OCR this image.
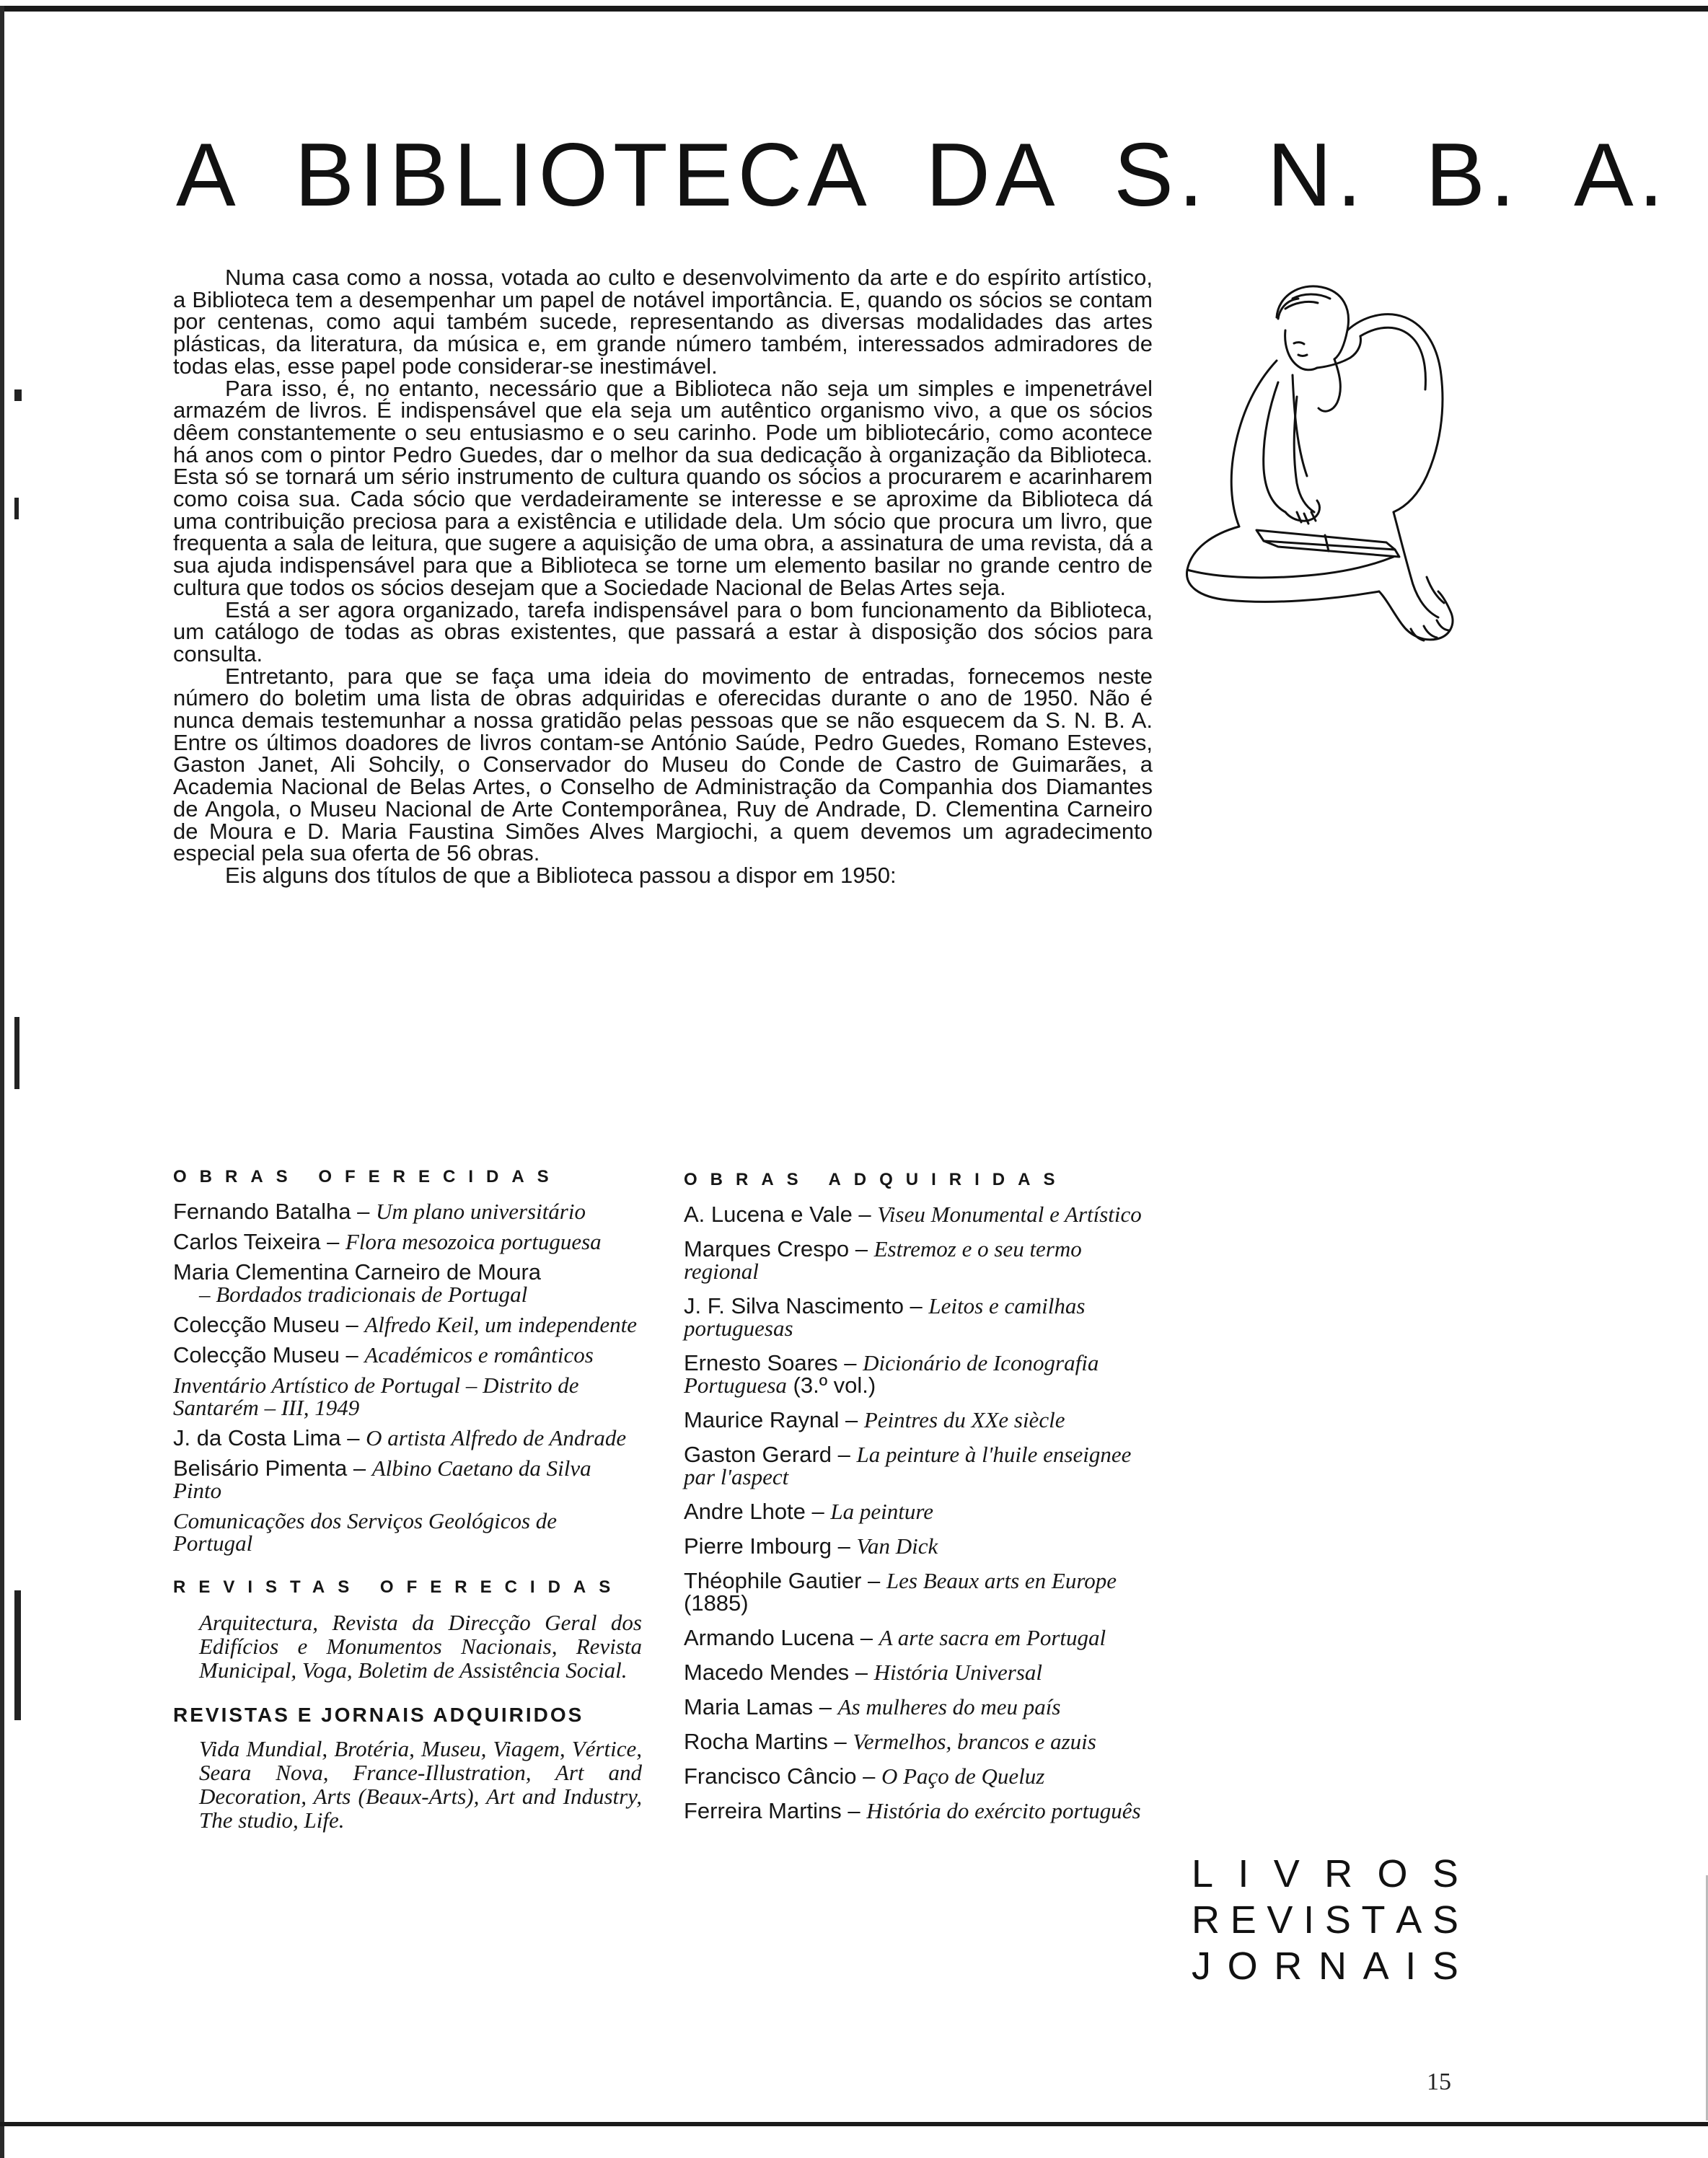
A BIBLIOTECA DA S. N. B. A.

Numa casa como a nossa, votada ao culto e desenvolvimento da arte e do espírito artístico, a Biblioteca tem a desempenhar um papel de notável importância. E, quando os sócios se contam por centenas, como aqui também sucede, representando as diversas modalidades das artes plásticas, da literatura, da música e, em grande número também, interessados admiradores de todas elas, esse papel pode considerar-se inestimável.

Para isso, é, no entanto, necessário que a Biblioteca não seja um simples e impenetrável armazém de livros. É indispensável que ela seja um autêntico organismo vivo, a que os sócios dêem constantemente o seu entusiasmo e o seu carinho. Pode um bibliotecário, como acontece há anos com o pintor Pedro Guedes, dar o melhor da sua dedicação à organização da Biblioteca. Esta só se tornará um sério instrumento de cultura quando os sócios a procurarem e acarinharem como coisa sua. Cada sócio que verdadeiramente se interesse e se aproxime da Biblioteca dá uma contribuição preciosa para a existência e utilidade dela. Um sócio que procura um livro, que frequenta a sala de leitura, que sugere a aquisição de uma obra, a assinatura de uma revista, dá a sua ajuda indispensável para que a Biblioteca se torne um elemento basilar no grande centro de cultura que todos os sócios desejam que a Sociedade Nacional de Belas Artes seja.

Está a ser agora organizado, tarefa indispensável para o bom funcionamento da Biblioteca, um catálogo de todas as obras existentes, que passará a estar à disposição dos sócios para consulta.

Entretanto, para que se faça uma ideia do movimento de entradas, fornecemos neste número do boletim uma lista de obras adquiridas e oferecidas durante o ano de 1950. Não é nunca demais testemunhar a nossa gratidão pelas pessoas que se não esquecem da S. N. B. A. Entre os últimos doadores de livros contam-se António Saúde, Pedro Guedes, Romano Esteves, Gaston Janet, Ali Sohcily, o Conservador do Museu do Conde de Castro de Guimarães, a Academia Nacional de Belas Artes, o Conselho de Administração da Companhia dos Diamantes de Angola, o Museu Nacional de Arte Contemporânea, Ruy de Andrade, D. Clementina Carneiro de Moura e D. Maria Faustina Simões Alves Margiochi, a quem devemos um agradecimento especial pela sua oferta de 56 obras.

Eis alguns dos títulos de que a Biblioteca passou a dispor em 1950:

OBRAS OFERECIDAS
Fernando Batalha – Um plano universitário
Carlos Teixeira – Flora mesozoica portuguesa
Maria Clementina Carneiro de Moura
– Bordados tradicionais de Portugal
Colecção Museu – Alfredo Keil, um independente
Colecção Museu – Académicos e românticos
Inventário Artístico de Portugal – Distrito de Santarém – III, 1949
J. da Costa Lima – O artista Alfredo de Andrade
Belisário Pimenta – Albino Caetano da Silva Pinto
Comunicações dos Serviços Geológicos de Portugal
REVISTAS OFERECIDAS

Arquitectura, Revista da Direcção Geral dos Edifícios e Monumentos Nacionais, Revista Municipal, Voga, Boletim de Assistência Social.

REVISTAS E JORNAIS ADQUIRIDOS

Vida Mundial, Brotéria, Museu, Viagem, Vértice, Seara Nova, France-Illustration, Art and Decoration, Arts (Beaux-Arts), Art and Industry, The studio, Life.

OBRAS ADQUIRIDAS
A. Lucena e Vale – Viseu Monumental e Artístico
Marques Crespo – Estremoz e o seu termo regional
J. F. Silva Nascimento – Leitos e camilhas portuguesas
Ernesto Soares – Dicionário de Iconografia Portuguesa (3.º vol.)
Maurice Raynal – Peintres du XXe siècle
Gaston Gerard – La peinture à l'huile enseignee par l'aspect
Andre Lhote – La peinture
Pierre Imbourg – Van Dick
Théophile Gautier – Les Beaux arts en Europe (1885)
Armando Lucena – A arte sacra em Portugal
Macedo Mendes – História Universal
Maria Lamas – As mulheres do meu país
Rocha Martins – Vermelhos, brancos e azuis
Francisco Câncio – O Paço de Queluz
Ferreira Martins – História do exército português
L I V R O S
R E V I S T A S
J O R N A I S
15
